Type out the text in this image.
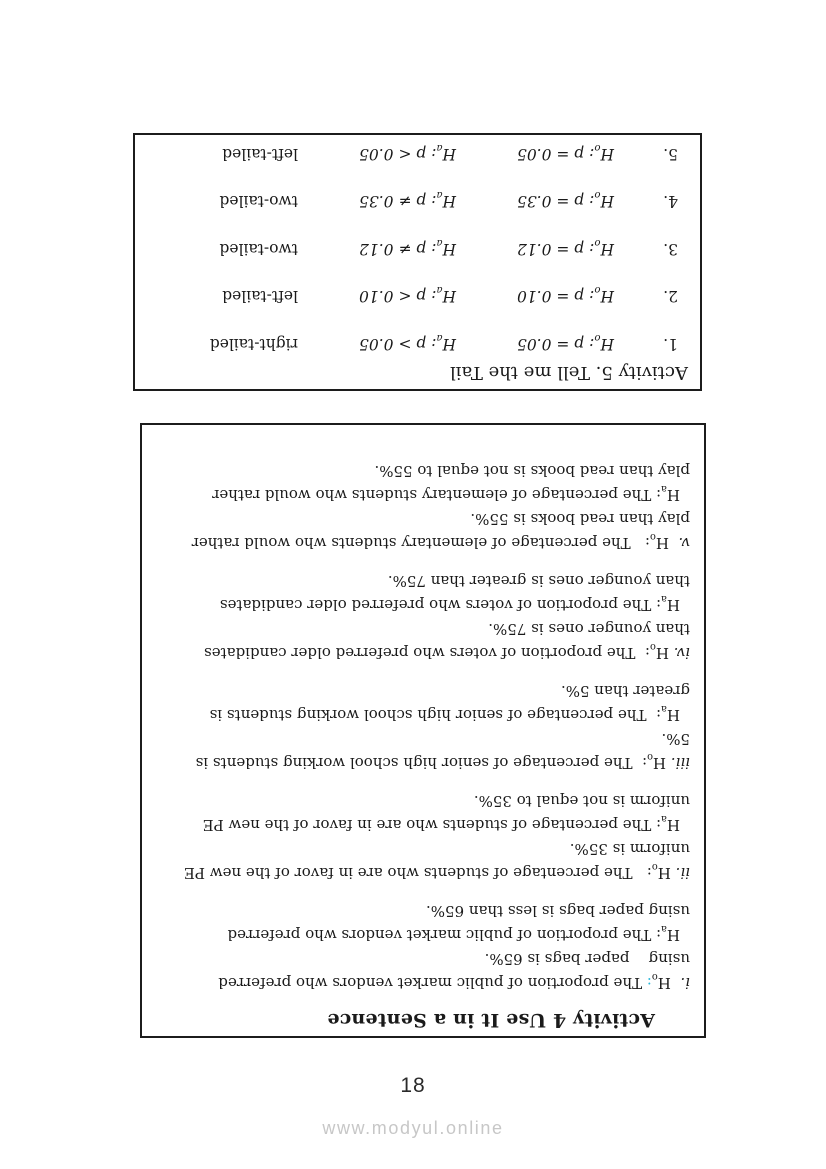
Activity 5. Tell me the Tail
1.
$H_o$: p = 0.05
$H_a$: p > 0.05
right-tailed
2.
$H_o$: p = 0.10
$H_a$: p < 0.10
left-tailed
3.
$H_o$: p = 0.12
$H_a$: p ≠ 0.12
two-tailed
4.
$H_o$: p = 0.35
$H_a$: p ≠ 0.35
two-tailed
5.
$H_o$: p = 0.05
$H_a$: p < 0.05
left-tailed
Activity 4 Use It in a Sentence
i.  $H_o$: The proportion of public market vendors who preferred
using    paper bags is 65%.
$H_a$: The proportion of public market vendors who preferred
using paper bags is less than 65%.
ii. $H_o$:   The percentage of students who are in favor of the new PE
uniform is 35%.
$H_a$: The percentage of students who are in favor of the new PE
uniform is not equal to 35%.
iii. $H_o$:  The percentage of senior high school working students is
5%.
$H_a$:  The percentage of senior high school working students is
greater than 5%.
iv. $H_o$:  The proportion of voters who preferred older candidates
than younger ones is 75%.
$H_a$: The proportion of voters who preferred older candidates
than younger ones is greater than 75%.
v.  $H_o$:   The percentage of elementary students who would rather
play than read books is 55%.
$H_a$: The percentage of elementary students who would rather
play than read books is not equal to 55%.
18
www.modyul.online
